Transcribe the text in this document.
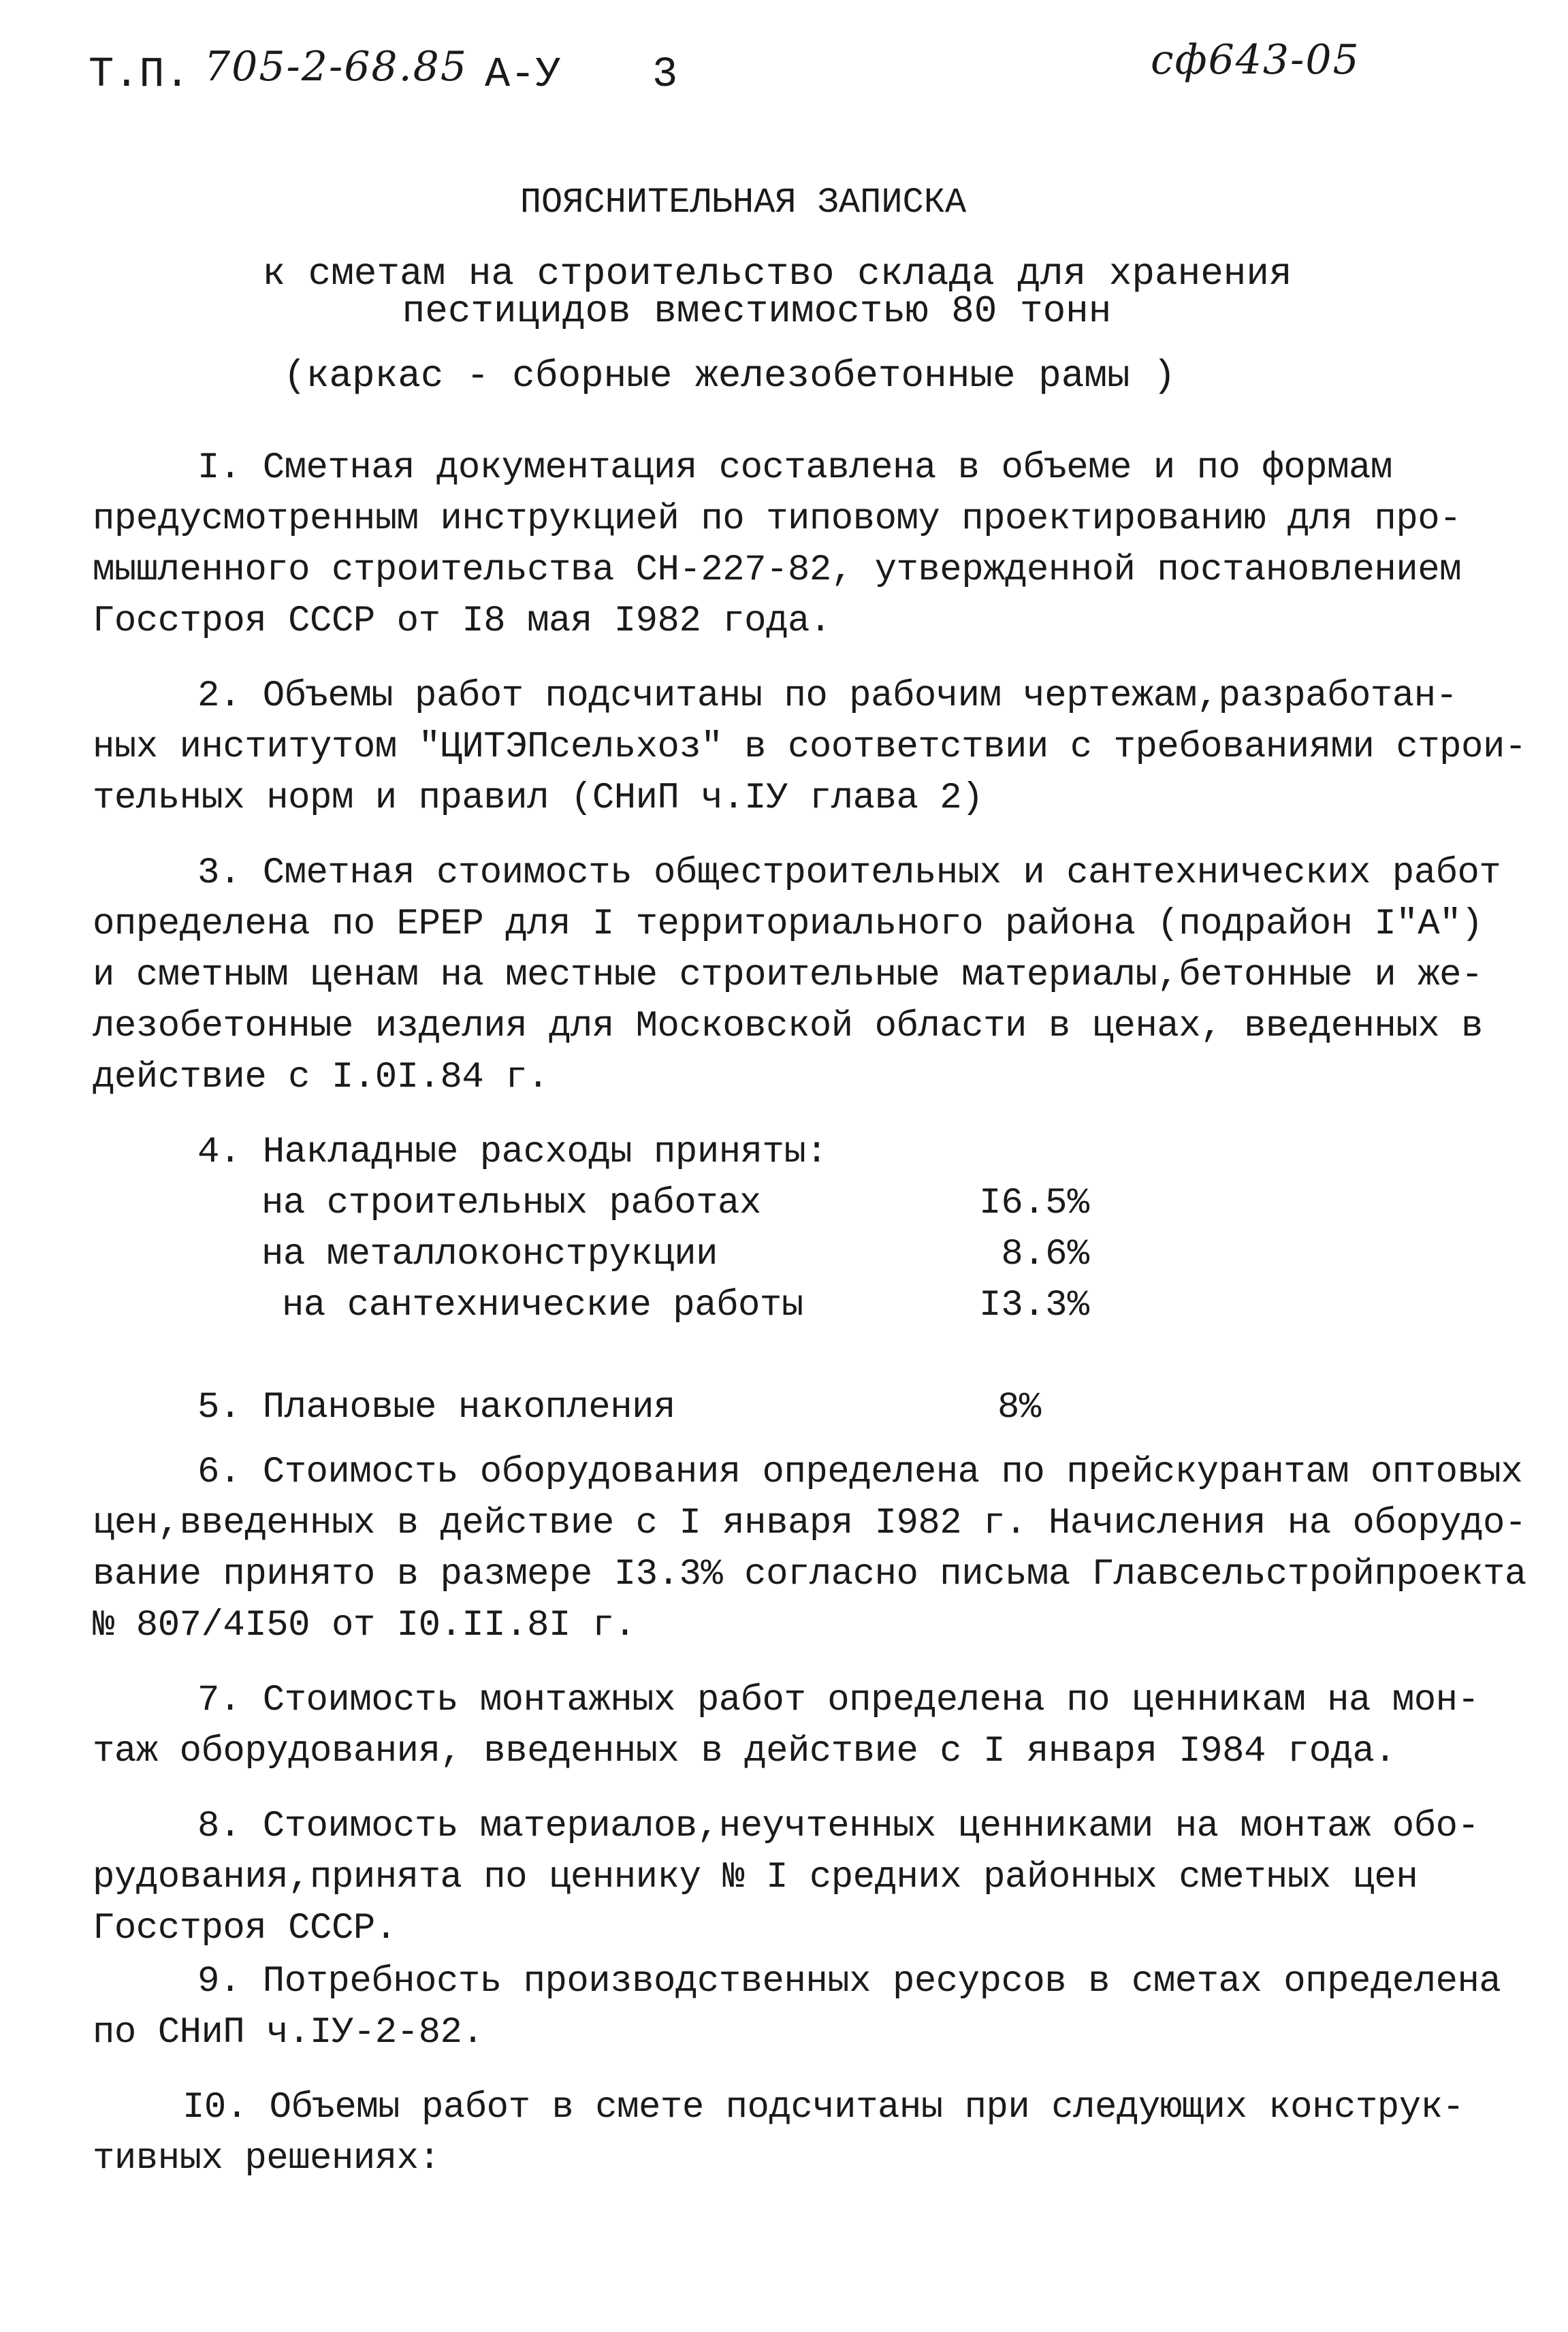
Т.П. 705-2-68.85 А-У 3	сф643-05
ПОЯСНИТЕЛЬНАЯ ЗАПИСКА
к сметам на строительство склада для хранения
пестицидов вместимостью 80 тонн
(каркас - сборные железобетонные рамы )
I. Сметная документация составлена в объеме и по формам
предусмотренным инструкцией по типовому проектированию для про-
мышленного строительства СН-227-82, утвержденной постановлением
Госстроя СССР от I8 мая I982 года.
2. Объемы работ подсчитаны по рабочим чертежам,разработан-
ных институтом "ЦИТЭПсельхоз" в соответствии с требованиями строи-
тельных норм и правил (СНиП ч.IУ глава 2)
3. Сметная стоимость общестроительных и сантехнических работ
определена по ЕРЕР для I территориального района (подрайон I"А")
и сметным ценам на местные строительные материалы,бетонные и же-
лезобетонные изделия для Московской области в ценах, введенных в
действие с I.0I.84 г.
4. Накладные расходы приняты:
на строительных работах	I6.5%
на металлоконструкции	8.6%
на сантехнические работы	I3.3%
5. Плановые накопления	8%
6. Стоимость оборудования определена по прейскурантам оптовых
цен,введенных в действие с I января I982 г. Начисления на оборудо-
вание принято в размере I3.3% согласно письма Главсельстройпроекта
№ 807/4I50 от I0.II.8I г.
7. Стоимость монтажных работ определена по ценникам на мон-
таж оборудования, введенных в действие с I января I984 года.
8. Стоимость материалов,неучтенных ценниками на монтаж обо-
рудования,принята по ценнику № I средних районных сметных цен
Госстроя СССР.
9. Потребность производственных ресурсов в сметах определена
по СНиП ч.IУ-2-82.
I0. Объемы работ в смете подсчитаны при следующих конструк-
тивных решениях:
